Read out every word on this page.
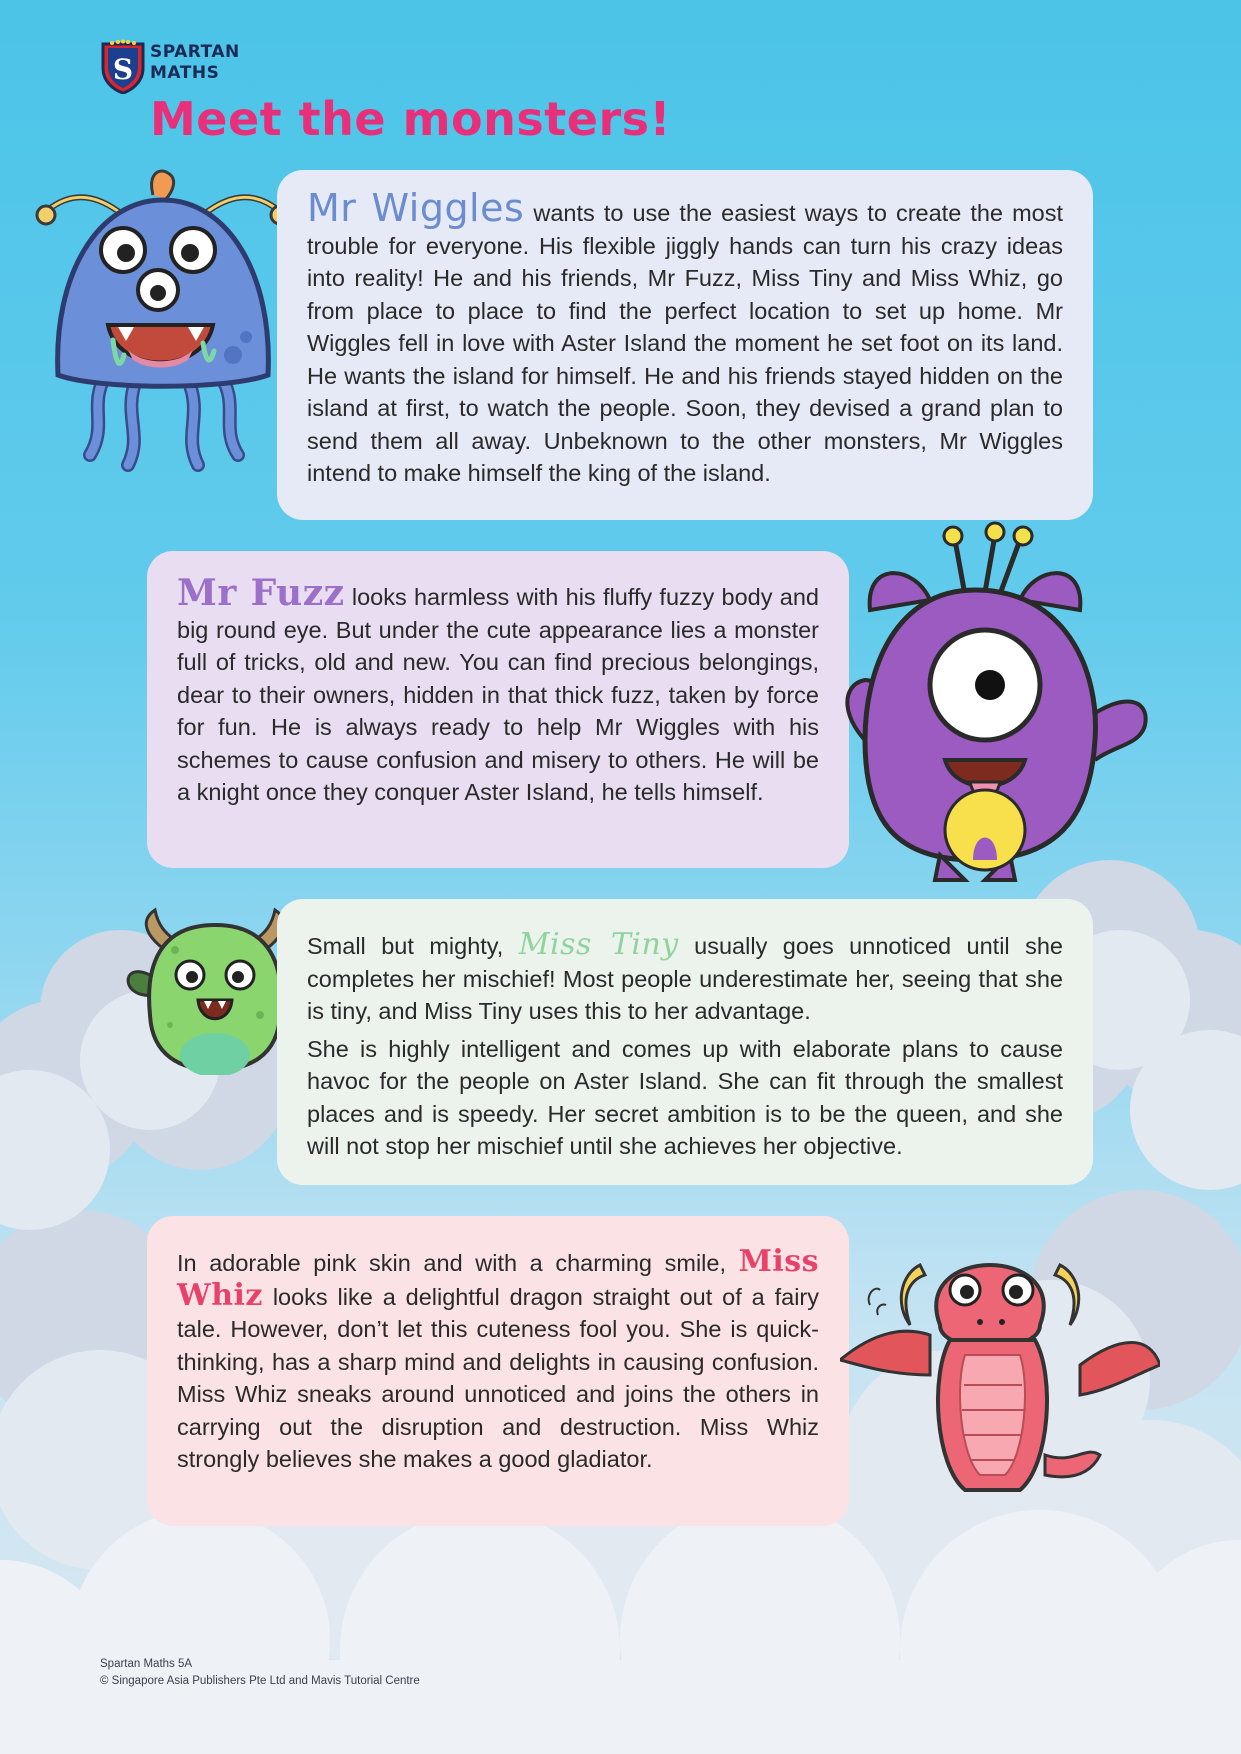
S
SPARTAN
MATHS
Meet the monsters!

Mr Wiggles wants to use the easiest ways to create the most trouble for everyone. His flexible jiggly hands can turn his crazy ideas into reality! He and his friends, Mr Fuzz, Miss Tiny and Miss Whiz, go from place to place to find the perfect location to set up home. Mr Wiggles fell in love with Aster Island the moment he set foot on its land. He wants the island for himself. He and his friends stayed hidden on the island at first, to watch the people. Soon, they devised a grand plan to send them all away. Unbeknown to the other monsters, Mr Wiggles intend to make himself the king of the island.

Mr Fuzz looks harmless with his fluffy fuzzy body and big round eye. But under the cute appearance lies a monster full of tricks, old and new. You can find precious belongings, dear to their owners, hidden in that thick fuzz, taken by force for fun. He is always ready to help Mr Wiggles with his schemes to cause confusion and misery to others. He will be a knight once they conquer Aster Island, he tells himself.

Small but mighty, Miss Tiny usually goes unnoticed until she completes her mischief! Most people underestimate her, seeing that she is tiny, and Miss Tiny uses this to her advantage.

She is highly intelligent and comes up with elaborate plans to cause havoc for the people on Aster Island. She can fit through the smallest places and is speedy. Her secret ambition is to be the queen, and she will not stop her mischief until she achieves her objective.

In adorable pink skin and with a charming smile, Miss Whiz looks like a delightful dragon straight out of a fairy tale. However, don’t let this cuteness fool you. She is quick-thinking, has a sharp mind and delights in causing confusion. Miss Whiz sneaks around unnoticed and joins the others in carrying out the disruption and destruction. Miss Whiz strongly believes she makes a good gladiator.

Spartan Maths 5A
© Singapore Asia Publishers Pte Ltd and Mavis Tutorial Centre
